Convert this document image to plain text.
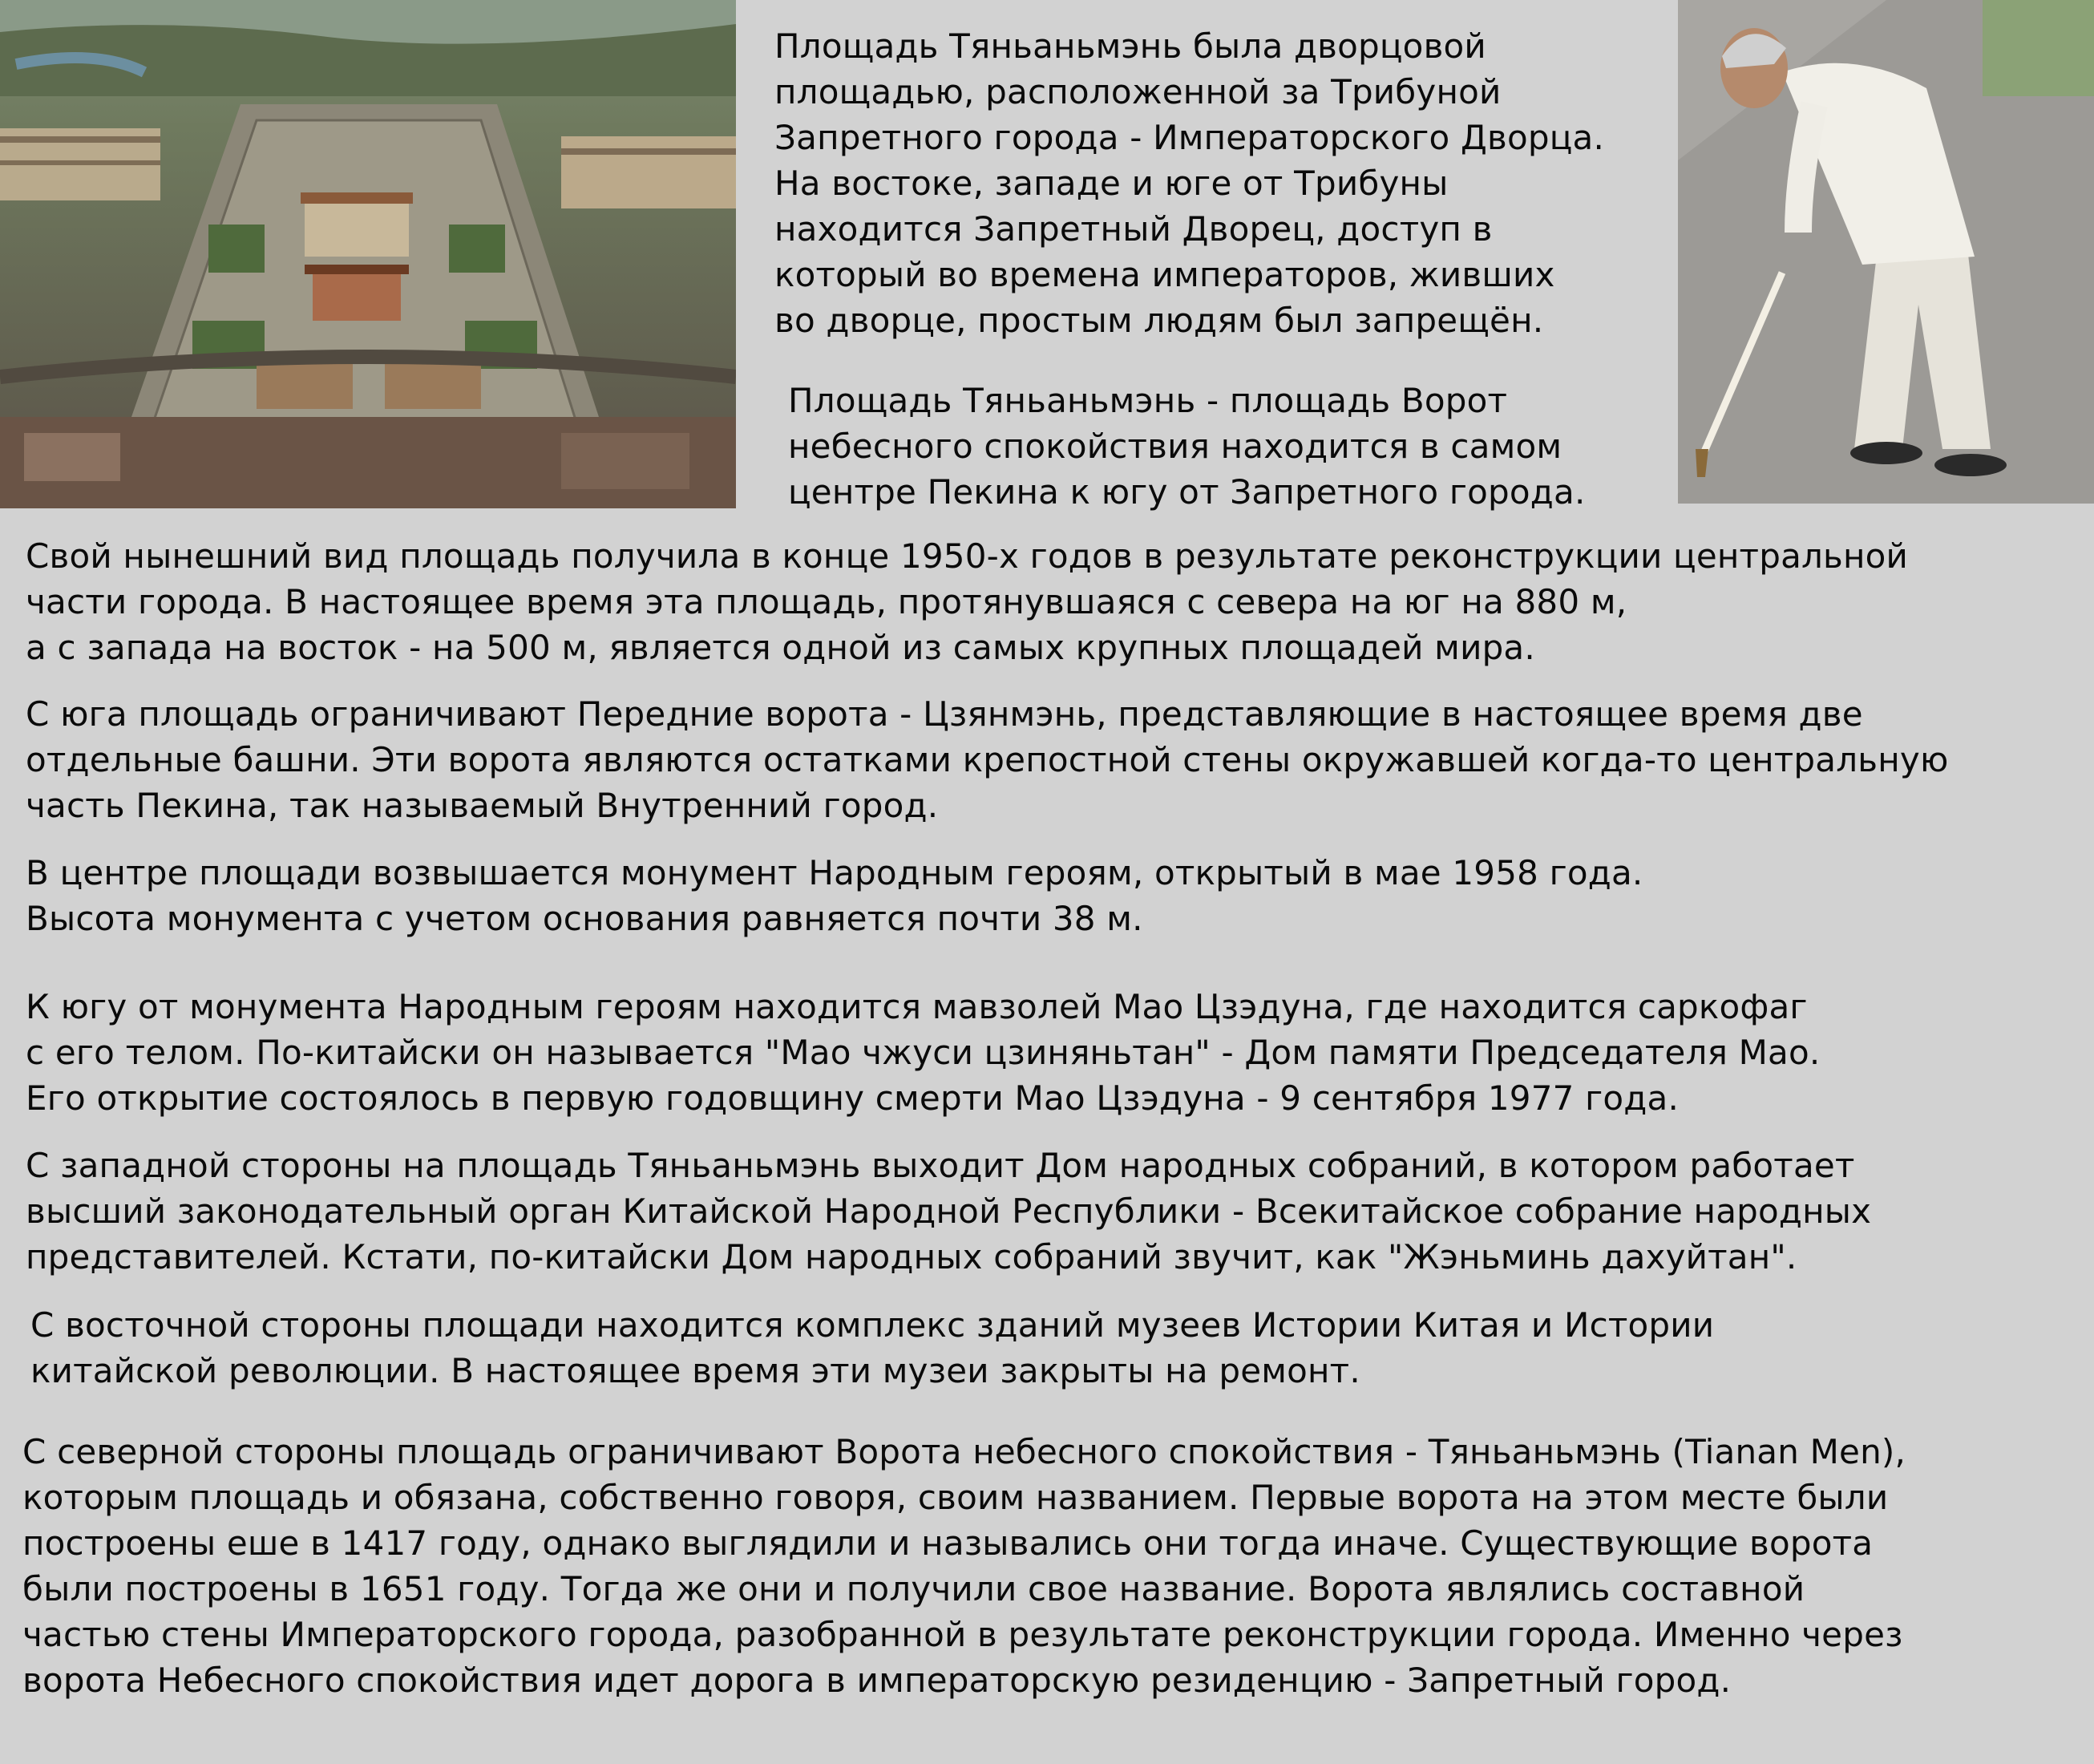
Площадь Тяньаньмэнь была дворцовой
площадью, расположенной за Трибуной
Запретного города - Императорского Дворца.
На востоке, западе и юге от Трибуны
находится Запретный Дворец, доступ в
который во времена императоров, живших
во дворце, простым людям был запрещён.

Площадь Тяньаньмэнь - площадь Ворот
небесного спокойствия находится в самом
центре Пекина к югу от Запретного города.

Свой нынешний вид площадь получила в конце 1950-х годов в результате реконструкции центральной
части города. В настоящее время эта площадь, протянувшаяся с севера на юг на 880 м,
а с запада на восток - на 500 м, является одной из самых крупных площадей мира.

С юга площадь ограничивают Передние ворота - Цзянмэнь, представляющие в настоящее время две
отдельные башни. Эти ворота являются остатками крепостной стены окружавшей когда-то центральную
часть Пекина, так называемый Внутренний город.

В центре площади возвышается монумент Народным героям, открытый в мае 1958 года.
Высота монумента с учетом основания равняется почти 38 м.

К югу от монумента Народным героям находится мавзолей Мао Цзэдуна, где находится саркофаг
с его телом. По-китайски он называется "Мао чжуси цзиняньтан" - Дом памяти Председателя Мао.
Его открытие состоялось в первую годовщину смерти Мао Цзэдуна - 9 сентября 1977 года.

С западной стороны на площадь Тяньаньмэнь выходит Дом народных собраний, в котором работает
высший законодательный орган Китайской Народной Республики - Всекитайское собрание народных
представителей. Кстати, по-китайски Дом народных собраний звучит, как "Жэньминь дахуйтан".

С восточной стороны площади находится комплекс зданий музеев Истории Китая и Истории
китайской революции. В настоящее время эти музеи закрыты на ремонт.

С северной стороны площадь ограничивают Ворота небесного спокойствия - Тяньаньмэнь (Tianan Men),
которым площадь и обязана, собственно говоря, своим названием. Первые ворота на этом месте были
построены еше в 1417 году, однако выглядили и назывались они тогда иначе. Существующие ворота
были построены в 1651 году. Тогда же они и получили свое название. Ворота являлись составной
частью стены Императорского города, разобранной в результате реконструкции города. Именно через
ворота Небесного спокойствия идет дорога в императорскую резиденцию - Запретный город.
